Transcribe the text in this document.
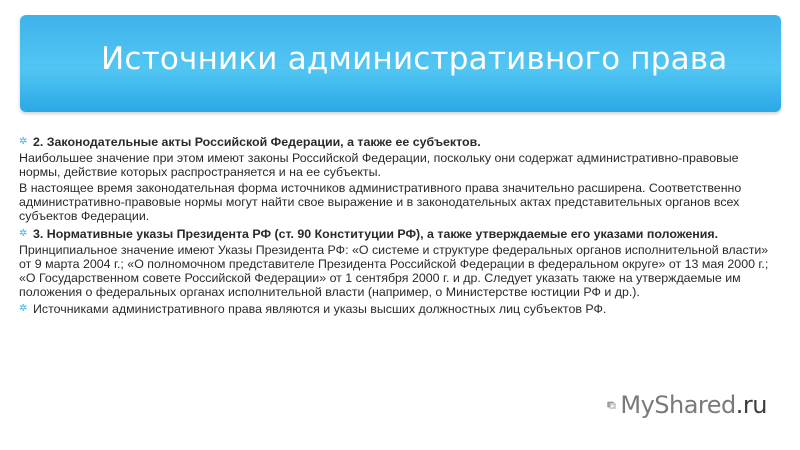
Источники административного права

✲ 2. Законодательные акты Российской Федерации, а также ее субъектов.

Наибольшее значение при этом имеют законы Российской Федерации, поскольку они содержат административно-правовые нормы, действие которых распространяется и на ее субъекты.

В настоящее время законодательная форма источников административного права значительно расширена. Соответственно административно-правовые нормы могут найти свое выражение и в законодательных актах представительных органов всех субъектов Федерации.

✲ 3. Нормативные указы Президента РФ (ст. 90 Конституции РФ), а также утверждаемые его указами положения.

Принципиальное значение имеют Указы Президента РФ: «О системе и структуре федеральных органов исполнительной власти» от 9 марта 2004 г.; «О полномочном представителе Президента Российской Федерации в федеральном округе» от 13 мая 2000 г.; «О Государственном совете Российской Федерации» от 1 сентября 2000 г. и др. Следует указать также на утверждаемые им положения о федеральных органах исполнительной власти (например, о Министерстве юстиции РФ и др.).

✲ Источниками административного права являются и указы высших должностных лиц субъектов РФ.

MyShared.ru
